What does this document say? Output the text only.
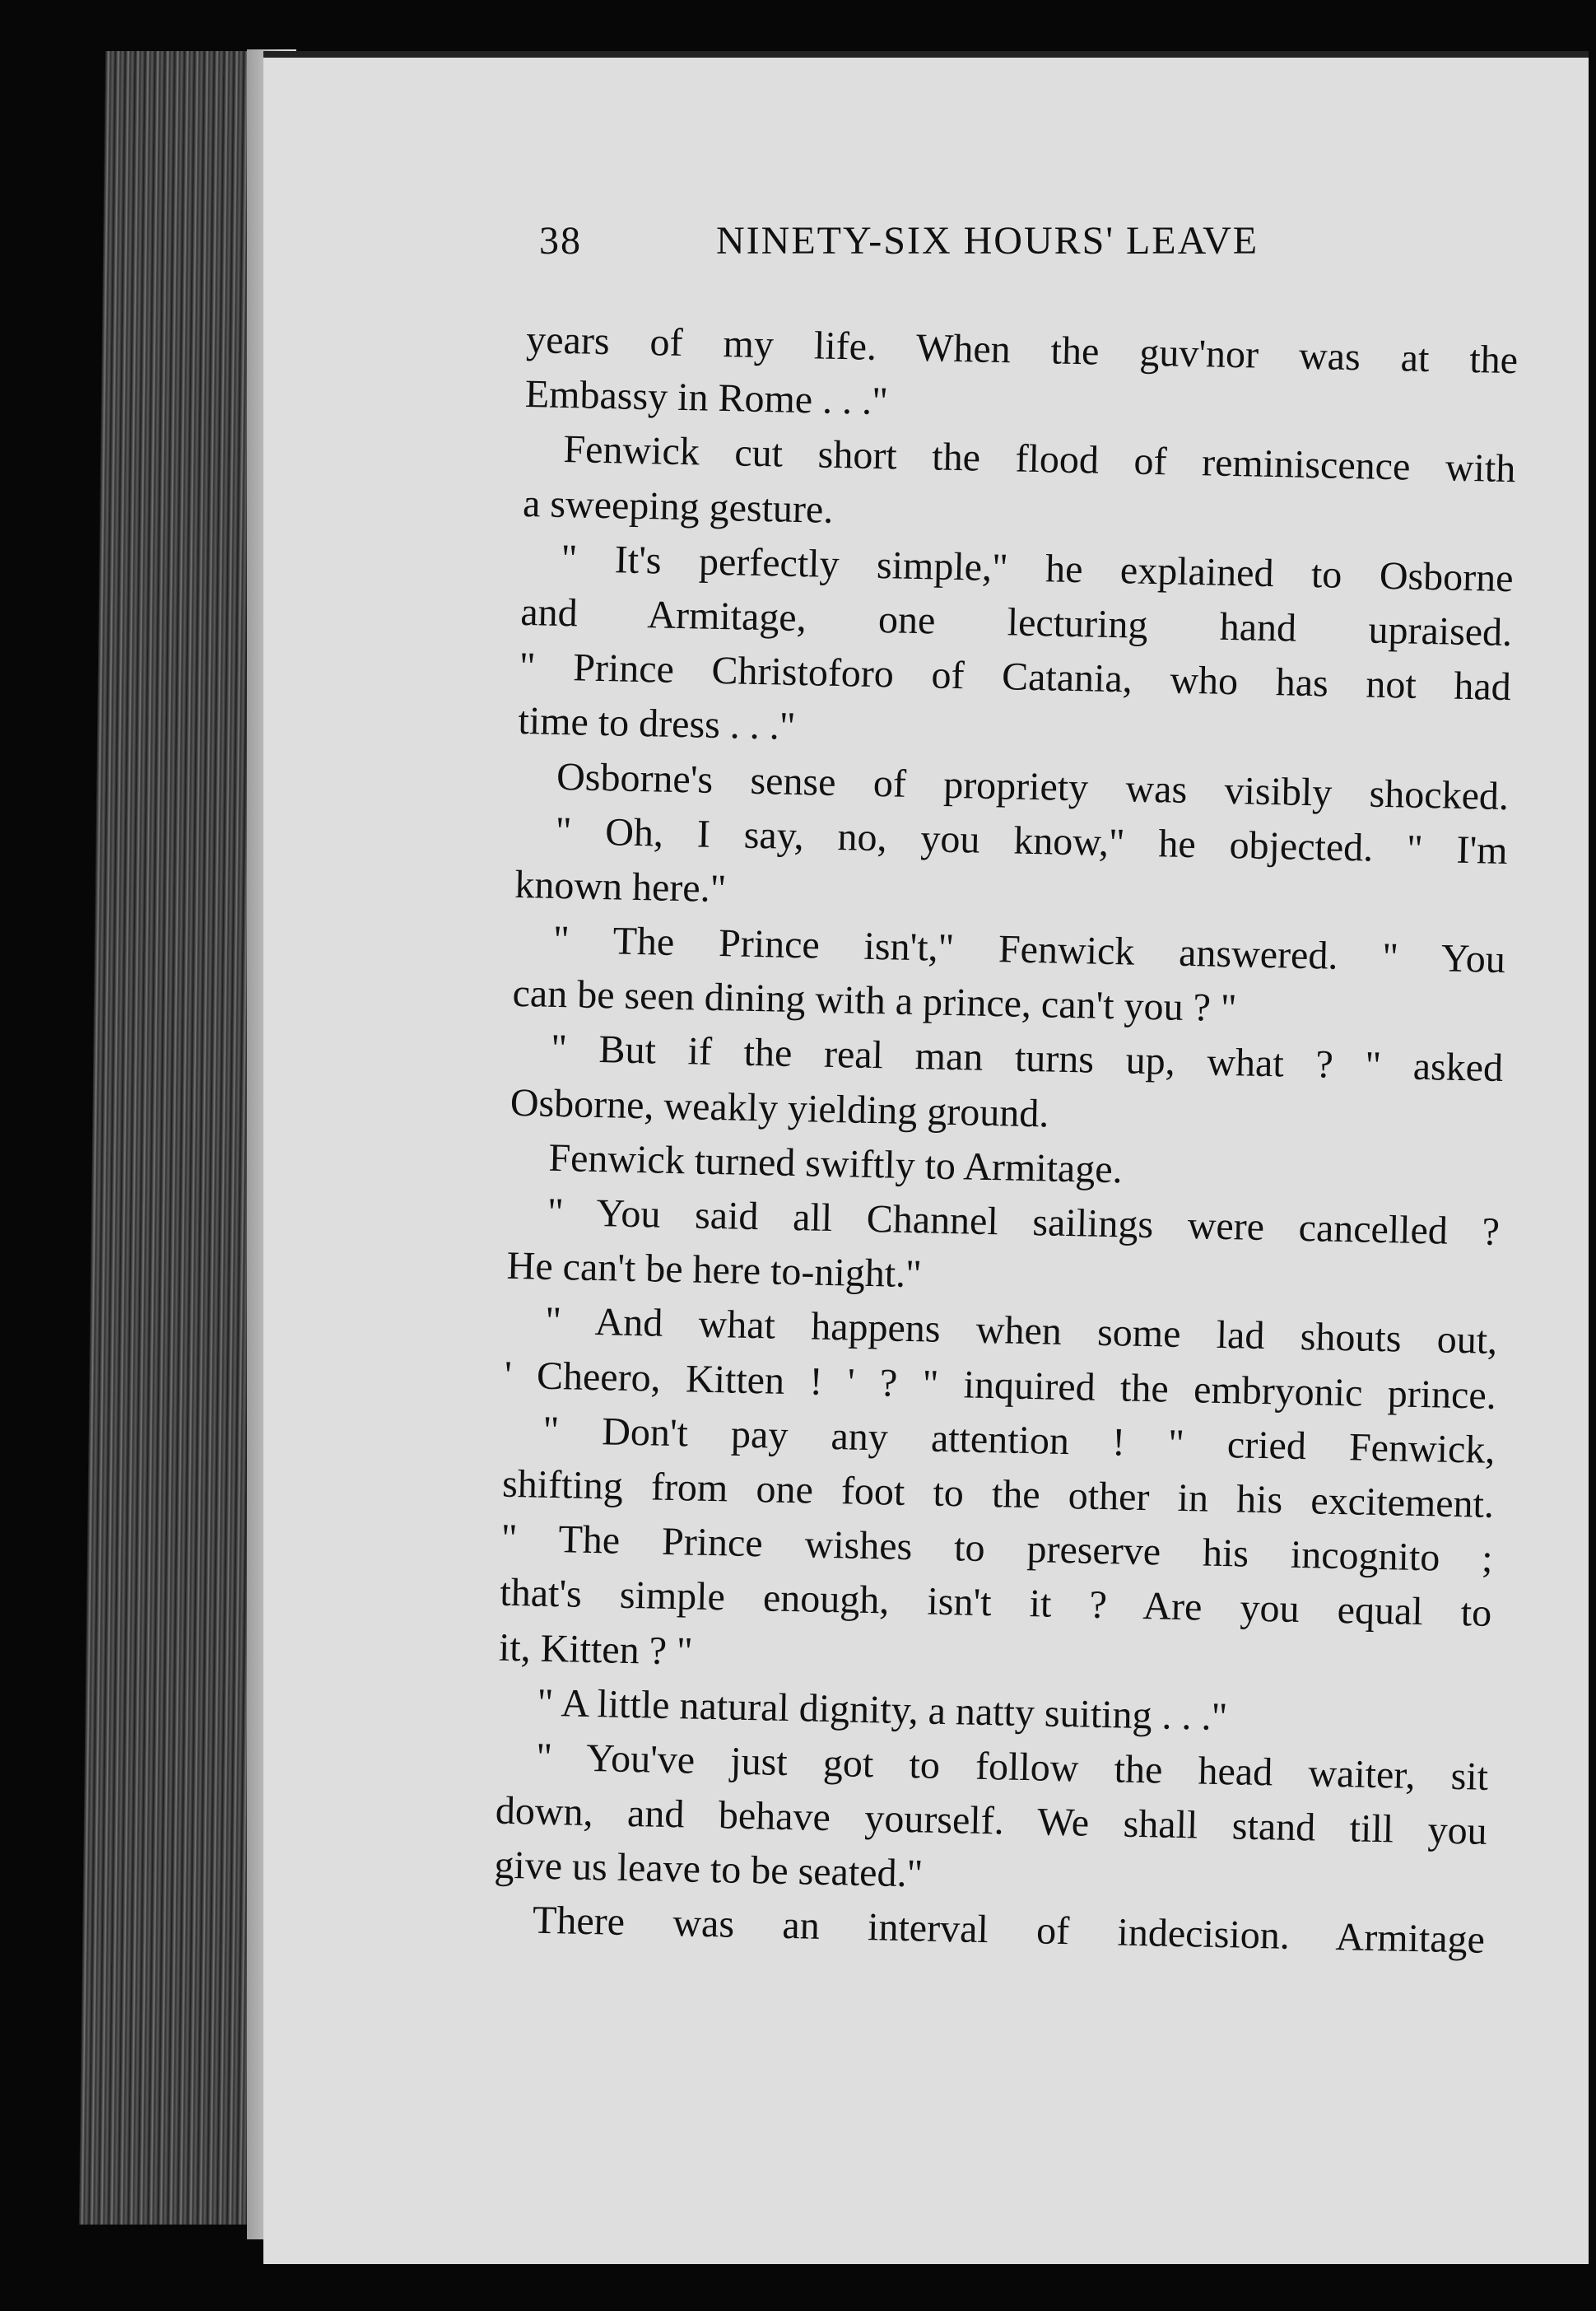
38	NINETY-SIX HOURS' LEAVE
years of my life. When the guv'nor was at the
Embassy in Rome . . ."
Fenwick cut short the flood of reminiscence with
a sweeping gesture.
" It's perfectly simple," he explained to Osborne
and Armitage, one lecturing hand upraised.
" Prince Christoforo of Catania, who has not had
time to dress . . ."
Osborne's sense of propriety was visibly shocked.
" Oh, I say, no, you know," he objected. " I'm
known here."
" The Prince isn't," Fenwick answered. " You
can be seen dining with a prince, can't you ? "
" But if the real man turns up, what ? " asked
Osborne, weakly yielding ground.
Fenwick turned swiftly to Armitage.
" You said all Channel sailings were cancelled ?
He can't be here to-night."
" And what happens when some lad shouts out,
' Cheero, Kitten ! ' ? " inquired the embryonic prince.
" Don't pay any attention ! " cried Fenwick,
shifting from one foot to the other in his excitement.
" The Prince wishes to preserve his incognito ;
that's simple enough, isn't it ? Are you equal to
it, Kitten ? "
" A little natural dignity, a natty suiting . . ."
" You've just got to follow the head waiter, sit
down, and behave yourself. We shall stand till you
give us leave to be seated."
There was an interval of indecision. Armitage
